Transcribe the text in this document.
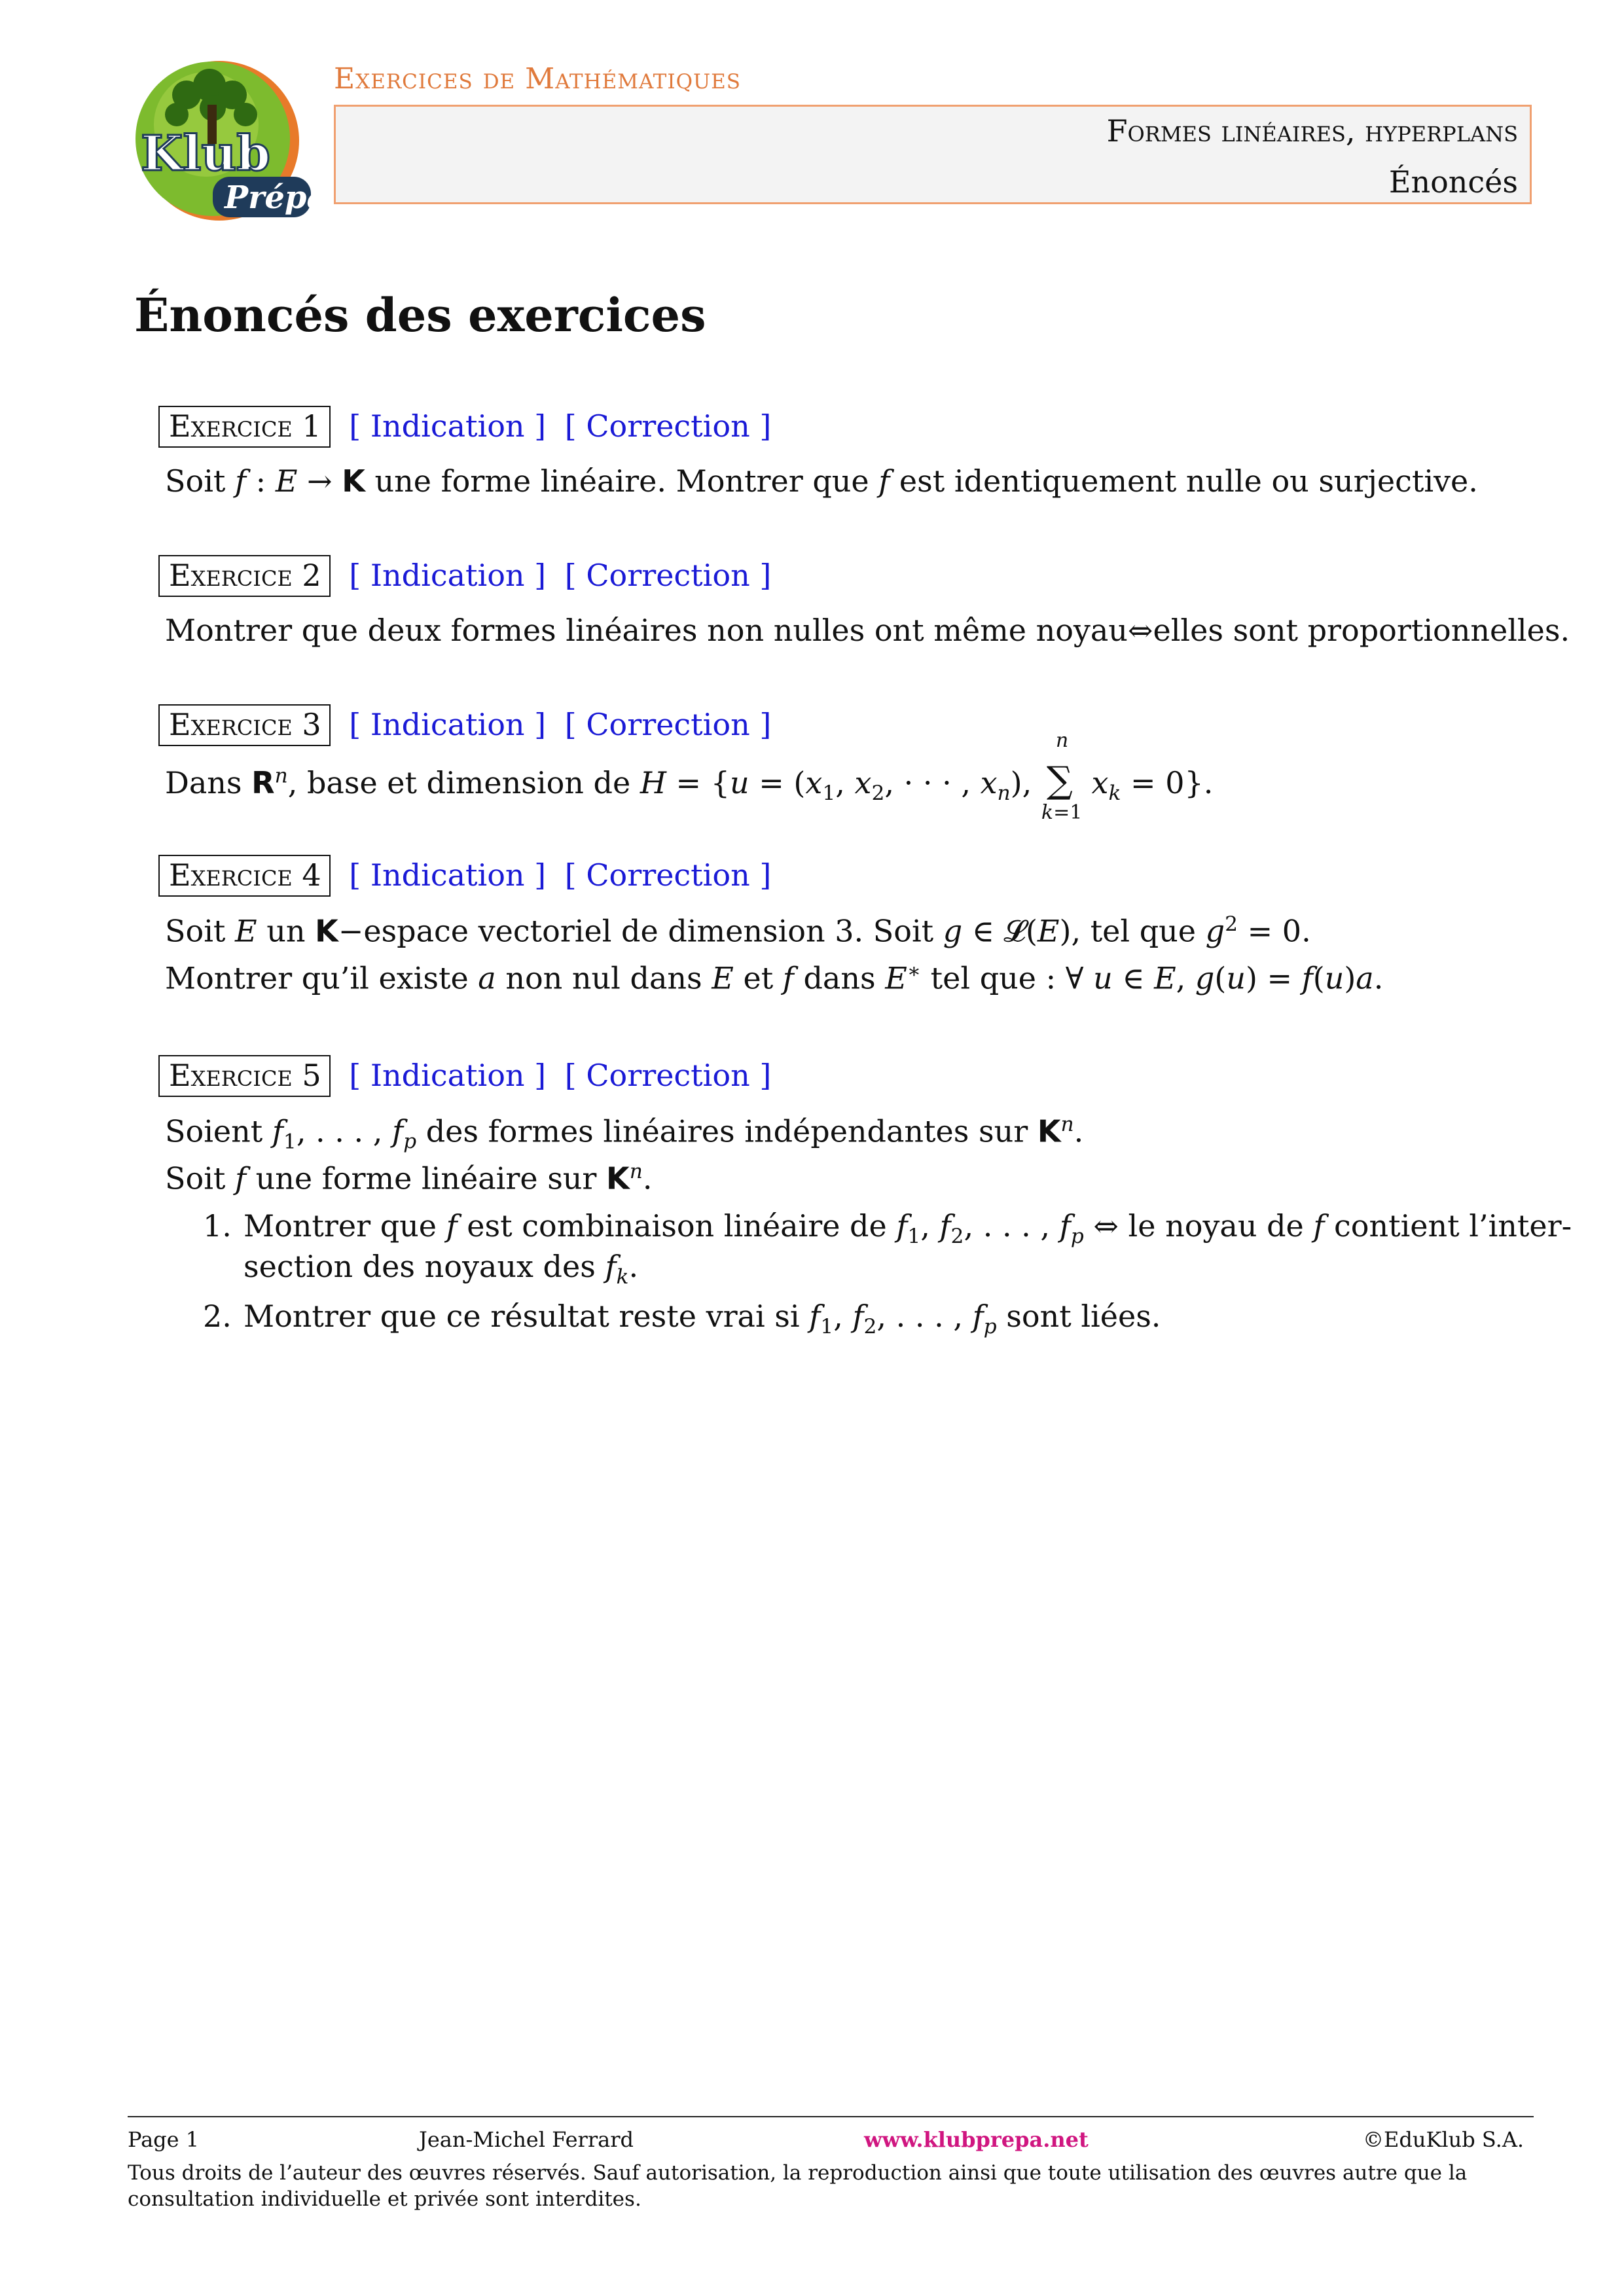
Klub
Prépa
Exercices de Mathématiques
Formes linéaires, hyperplans
Énoncés
Énoncés des exercices
Exercice 1 [ Indication ] [ Correction ]
Soit f : E → K une forme linéaire. Montrer que f est identiquement nulle ou surjective.
Exercice 2 [ Indication ] [ Correction ]
Montrer que deux formes linéaires non nulles ont même noyau⇔elles sont proportionnelles.
Exercice 3 [ Indication ] [ Correction ]
Dans $R^n$, base et dimension de $H = \{u = (x_1$, $x_2$, · · · , $x_n$),
n
∑
k=1
$x_k = 0$}.
Exercice 4 [ Indication ] [ Correction ]
Soit E un K−espace vectoriel de dimension 3. Soit g ∈ 𝓛(E), tel que $g^2 = 0$.
Montrer qu’il existe a non nul dans E et f dans E∗ tel que : ∀ u ∈ E, g(u) = f(u)a.
Exercice 5 [ Indication ] [ Correction ]
Soient $f_1$, . . . , $f_p$ des formes linéaires indépendantes sur $K^n$.
Soit f une forme linéaire sur $K^n$.
1. Montrer que f est combinaison linéaire de $f_1$, $f_2$, . . . , $f_p$ ⇔ le noyau de f contient l’inter-
section des noyaux des $f_k$.
2. Montrer que ce résultat reste vrai si $f_1$, $f_2$, . . . , $f_p$ sont liées.
Page 1	Jean-Michel Ferrard	www.klubprepa.net	©EduKlub S.A.
Tous droits de l’auteur des œuvres réservés. Sauf autorisation, la reproduction ainsi que toute utilisation des œuvres autre que la consultation individuelle et privée sont interdites.
